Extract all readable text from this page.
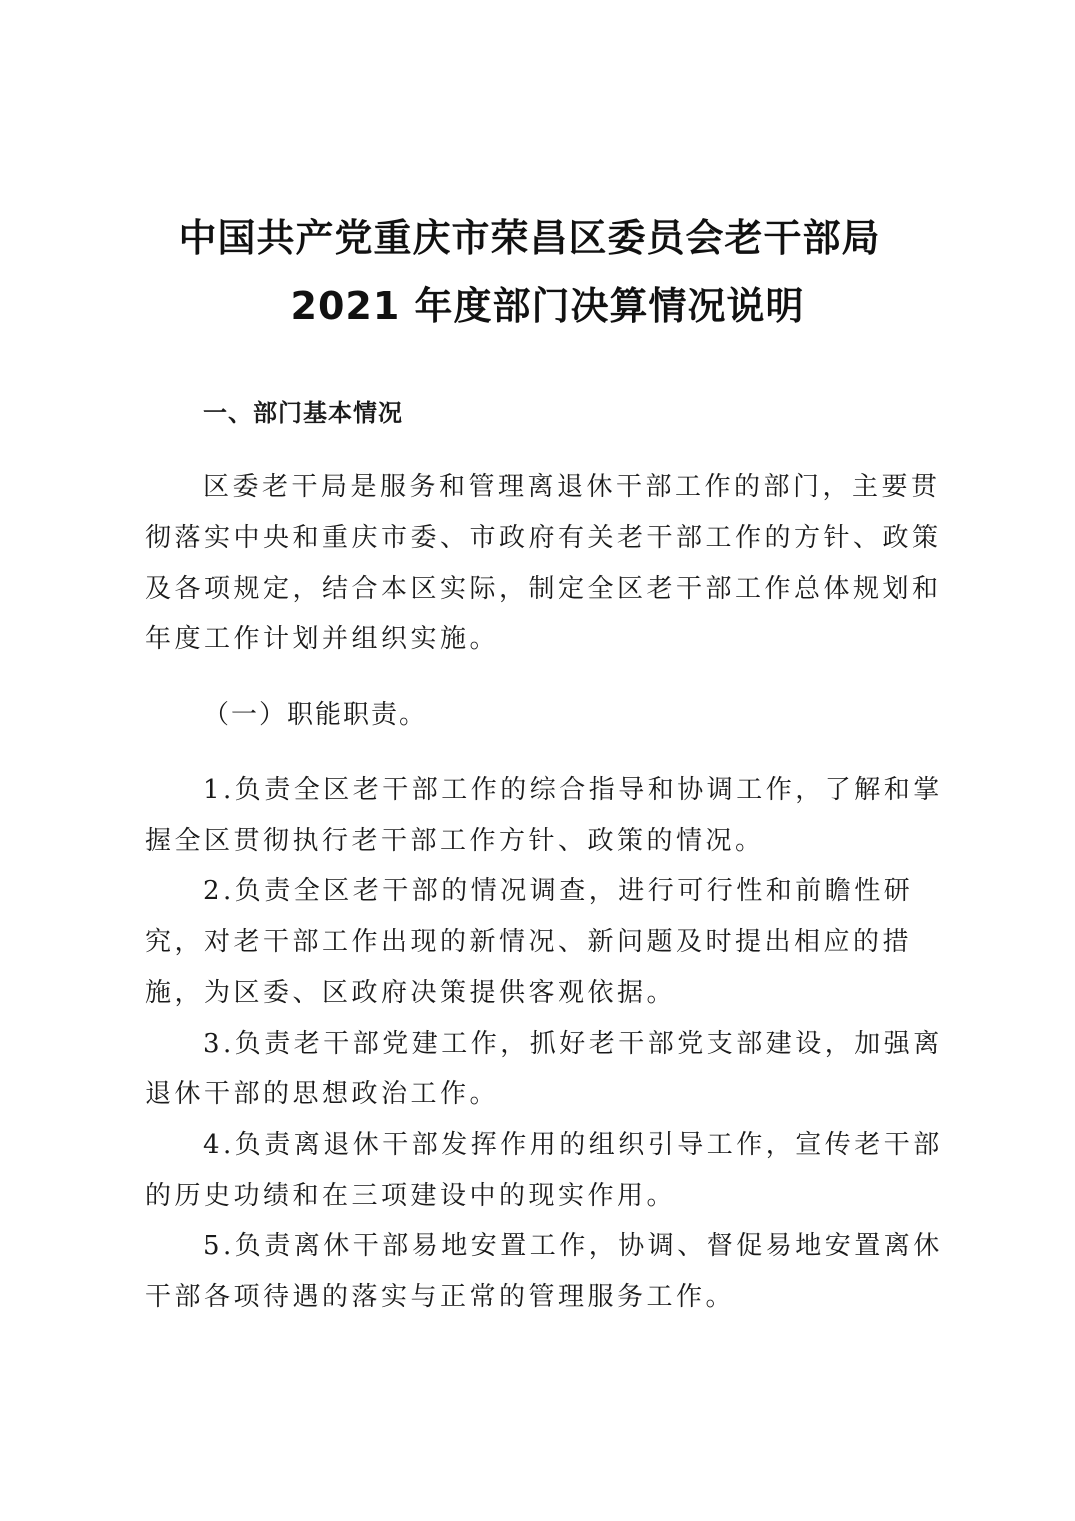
中国共产党重庆市荣昌区委员会老干部局
2021 年度部门决算情况说明
一、部门基本情况
区委老干局是服务和管理离退休干部工作的部门，主要贯
彻落实中央和重庆市委、市政府有关老干部工作的方针、政策
及各项规定，结合本区实际，制定全区老干部工作总体规划和
年度工作计划并组织实施。
（一）职能职责。
1.负责全区老干部工作的综合指导和协调工作，了解和掌
握全区贯彻执行老干部工作方针、政策的情况。
2.负责全区老干部的情况调查，进行可行性和前瞻性研
究，对老干部工作出现的新情况、新问题及时提出相应的措
施，为区委、区政府决策提供客观依据。
3.负责老干部党建工作，抓好老干部党支部建设，加强离
退休干部的思想政治工作。
4.负责离退休干部发挥作用的组织引导工作，宣传老干部
的历史功绩和在三项建设中的现实作用。
5.负责离休干部易地安置工作，协调、督促易地安置离休
干部各项待遇的落实与正常的管理服务工作。
